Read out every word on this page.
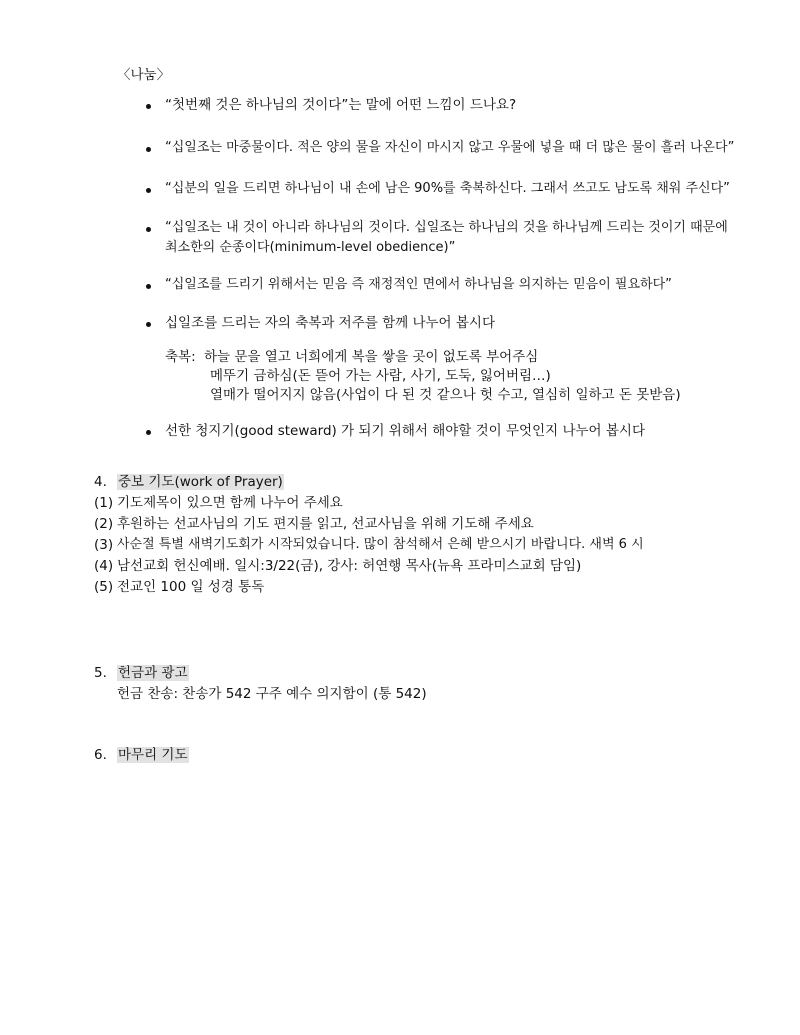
〈나눔〉
“첫번째 것은 하나님의 것이다”는 말에 어떤 느낌이 드나요?
“십일조는 마중물이다. 적은 양의 물을 자신이 마시지 않고 우물에 넣을 때 더 많은 물이 흘러 나온다”
“십분의 일을 드리면 하나님이 내 손에 남은 90%를 축복하신다. 그래서 쓰고도 남도록 채워 주신다”
“십일조는 내 것이 아니라 하나님의 것이다. 십일조는 하나님의 것을 하나님께 드리는 것이기 때문에
최소한의 순종이다(minimum-level obedience)”
“십일조를 드리기 위해서는 믿음 즉 재정적인 면에서 하나님을 의지하는 믿음이 필요하다”
십일조를 드리는 자의 축복과 저주를 함께 나누어 봅시다
축복: 하늘 문을 열고 너희에게 복을 쌓을 곳이 없도록 부어주심
메뚜기 금하심(돈 뜯어 가는 사람, 사기, 도둑, 잃어버림…)
열매가 떨어지지 않음(사업이 다 된 것 같으나 헛 수고, 열심히 일하고 돈 못받음)
선한 청지기(good steward) 가 되기 위해서 해야할 것이 무엇인지 나누어 봅시다
4. 중보 기도(work of Prayer)
(1) 기도제목이 있으면 함께 나누어 주세요
(2) 후원하는 선교사님의 기도 편지를 읽고, 선교사님을 위해 기도해 주세요
(3) 사순절 특별 새벽기도회가 시작되었습니다. 많이 참석해서 은혜 받으시기 바랍니다. 새벽 6 시
(4) 남선교회 헌신예배. 일시:3/22(금), 강사: 허연행 목사(뉴욕 프라미스교회 담임)
(5) 전교인 100 일 성경 통독
5. 헌금과 광고
헌금 찬송: 찬송가 542 구주 예수 의지함이 (통 542)
6. 마무리 기도
